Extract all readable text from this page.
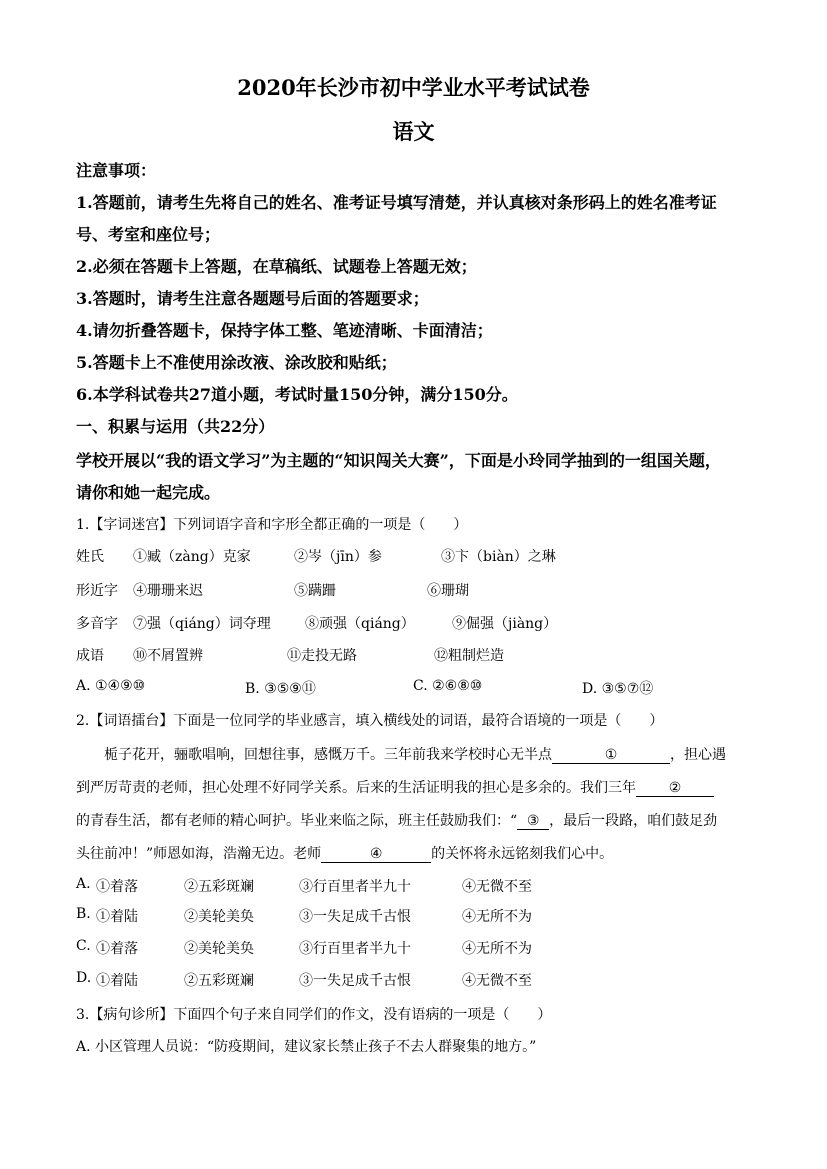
2020年长沙市初中学业水平考试试卷
语文
注意事项：
1.答题前，请考生先将自己的姓名、准考证号填写清楚，并认真核对条形码上的姓名准考证
号、考室和座位号；
2.必须在答题卡上答题，在草稿纸、试题卷上答题无效；
3.答题时，请考生注意各题题号后面的答题要求；
4.请勿折叠答题卡，保持字体工整、笔迹清晰、卡面清洁；
5.答题卡上不准使用涂改液、涂改胶和贴纸；
6.本学科试卷共27道小题，考试时量150分钟，满分150分。
一、积累与运用（共22分）
学校开展以“我的语文学习”为主题的“知识闯关大赛”，下面是小玲同学抽到的一组国关题，
请你和她一起完成。
1.【字词迷宫】下列词语字音和字形全都正确的一项是（　　）
姓氏 ①臧（zàng）克家	②岑（jīn）参	③卞（biàn）之琳
形近字 ④珊珊来迟	⑤蹒跚	⑥珊瑚
多音字 ⑦强（qiáng）词夺理 ⑧顽强（qiáng）	⑨倔强（jiàng）
成语 ⑩不屑置辨	⑪走投无路	⑫粗制烂造
A. ①④⑨⑩	B. ③⑤⑨⑪	C. ②⑥⑧⑩	D. ③⑤⑦⑫
2.【词语擂台】下面是一位同学的毕业感言，填入横线处的词语，最符合语境的一项是（　　）
栀子花开，骊歌唱响，回想往事，感慨万千。三年前我来学校时心无半点	①	，担心遇
到严厉苛责的老师，担心处理不好同学关系。后来的生活证明我的担心是多余的。我们三年 ②
的青春生活，都有老师的精心呵护。毕业来临之际，班主任鼓励我们：“ ③ ，最后一段路，咱们鼓足劲
头往前冲！”师恩如海，浩瀚无边。老师	④	的关怀将永远铭刻我们心中。
A. ①着落	②五彩斑斓	③行百里者半九十	④无微不至
B. ①着陆	②美轮美奂	③一失足成千古恨	④无所不为
C. ①着落	②美轮美奂	③行百里者半九十	④无所不为
D. ①着陆	②五彩斑斓	③一失足成千古恨	④无微不至
3.【病句诊所】下面四个句子来自同学们的作文，没有语病的一项是（　　）
A. 小区管理人员说：“防疫期间，建议家长禁止孩子不去人群聚集的地方。”
